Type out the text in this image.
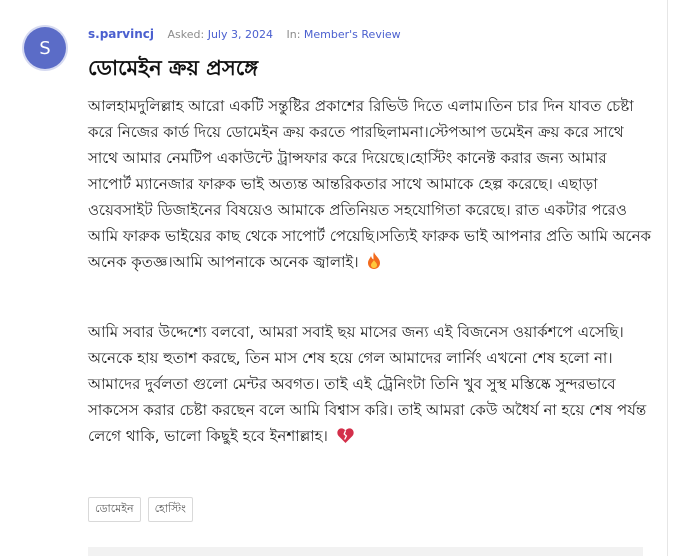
S
s.parvincj Asked: July 3, 2024 In: Member's Review
ডোমেইন ক্রয় প্রসঙ্গে
আলহামদুলিল্লাহ আরো একটি সন্তুষ্টির প্রকাশের রিভিউ দিতে এলাম।তিন চার দিন যাবত চেষ্টা করে নিজের কার্ড দিয়ে ডোমেইন ক্রয় করতে পারছিলামনা।স্টেপআপ ডমেইন ক্রয় করে সাথে সাথে আমার নেমটিপ একাউন্টে ট্রান্সফার করে দিয়েছে।হোস্টিং কানেক্ট করার জন্য আমার সাপোর্ট ম্যানেজার ফারুক ভাই অত্যন্ত আন্তরিকতার সাথে আমাকে হেল্প করেছে। এছাড়া ওয়েবসাইট ডিজাইনের বিষয়েও আমাকে প্রতিনিয়ত সহযোগিতা করেছে। রাত একটার পরেও আমি ফারুক ভাইয়ের কাছ থেকে সাপোর্ট পেয়েছি।সত্যিই ফারুক ভাই আপনার প্রতি আমি অনেক অনেক কৃতজ্ঞ।আমি আপনাকে অনেক জ্বালাই।
আমি সবার উদ্দেশ্যে বলবো, আমরা সবাই ছয় মাসের জন্য এই বিজনেস ওয়ার্কশপে এসেছি।অনেকে হায় হুতাশ করছে, তিন মাস শেষ হয়ে গেল আমাদের লার্নিং এখনো শেষ হলো না। আমাদের দুর্বলতা গুলো মেন্টর অবগত। তাই এই ট্রেনিংটা তিনি খুব সুস্থ মস্তিষ্কে সুন্দরভাবে সাকসেস করার চেষ্টা করছেন বলে আমি বিশ্বাস করি। তাই আমরা কেউ অধৈর্য না হয়ে শেষ পর্যন্ত লেগে থাকি, ভালো কিছুই হবে ইনশাল্লাহ।
ডোমেইন	হোস্টিং
